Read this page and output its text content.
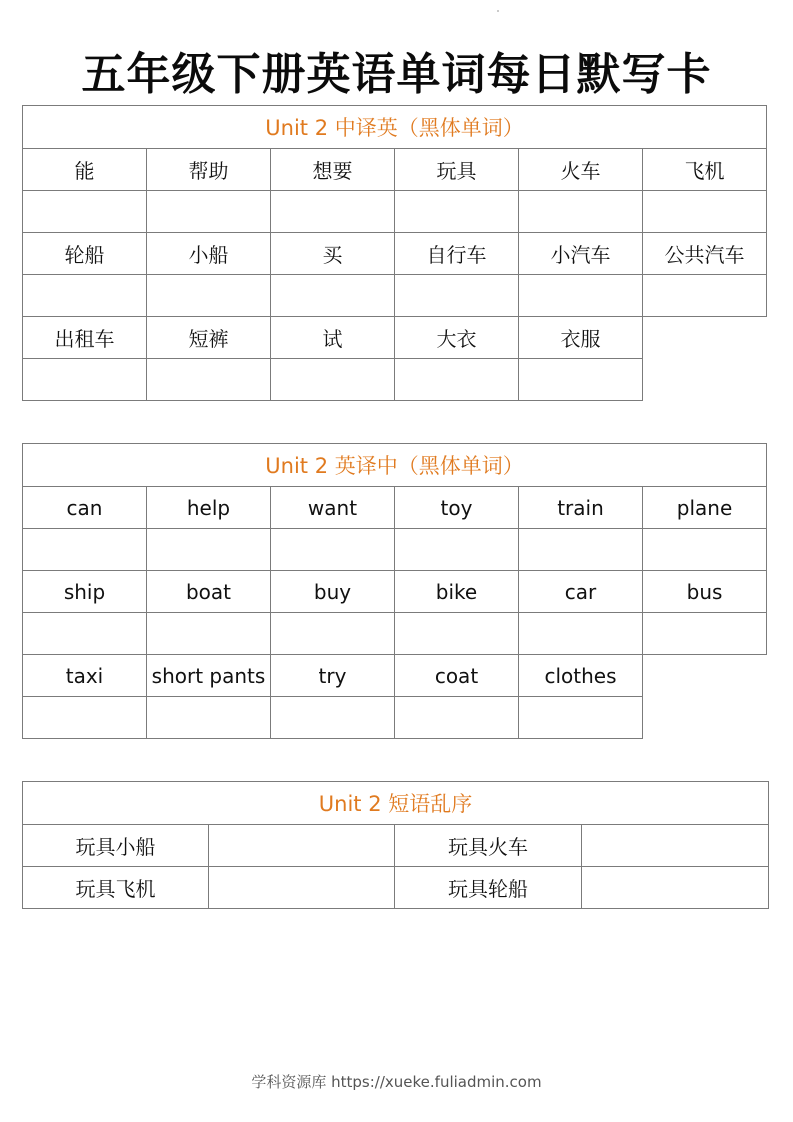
五年级下册英语单词每日默写卡
Unit 2 中译英（黑体单词）					
能	帮助	想要	玩具	火车	飞机

轮船	小船	买	自行车	小汽车	公共汽车

出租车	短裤	试	大衣	衣服	

Unit 2 英译中（黑体单词）					
can	help	want	toy	train	plane

ship	boat	buy	bike	car	bus

taxi	short pants	try	coat	clothes	

Unit 2 短语乱序			
玩具小船		玩具火车	
玩具飞机		玩具轮船	
学科资源库 https://xueke.fuliadmin.com
